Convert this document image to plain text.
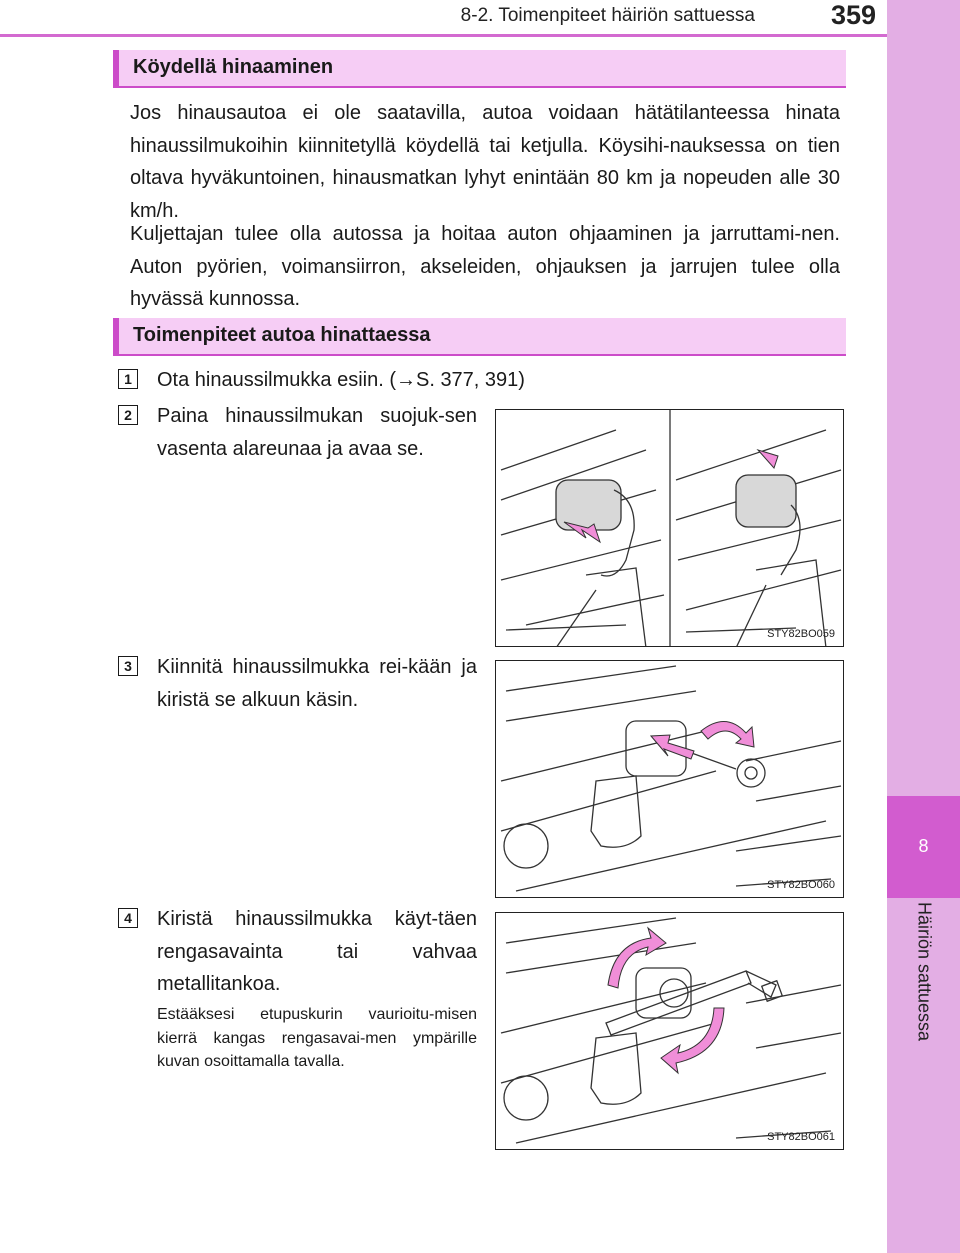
8-2. Toimenpiteet häiriön sattuessa	359
8
Häiriön sattuessa
Köydellä hinaaminen
Jos hinausautoa ei ole saatavilla, autoa voidaan hätätilanteessa hinata hinaussilmukoihin kiinnitetyllä köydellä tai ketjulla. Köysihi-nauksessa on tien oltava hyväkuntoinen, hinausmatkan lyhyt enintään 80 km ja nopeuden alle 30 km/h.
Kuljettajan tulee olla autossa ja hoitaa auton ohjaaminen ja jarruttami-nen. Auton pyörien, voimansiirron, akseleiden, ohjauksen ja jarrujen tulee olla hyvässä kunnossa.
Toimenpiteet autoa hinattaessa
1	Ota hinaussilmukka esiin. (→S. 377, 391)
2	Paina hinaussilmukan suojuk-sen vasenta alareunaa ja avaa se.
STY82BO059
3	Kiinnitä hinaussilmukka rei-kään ja kiristä se alkuun käsin.
STY82BO060
4	Kiristä hinaussilmukka käyt-täen rengasavainta tai vahvaa metallitankoa.
Estääksesi etupuskurin vaurioitu-misen kierrä kangas rengasavai-men ympärille kuvan osoittamalla tavalla.
STY82BO061
